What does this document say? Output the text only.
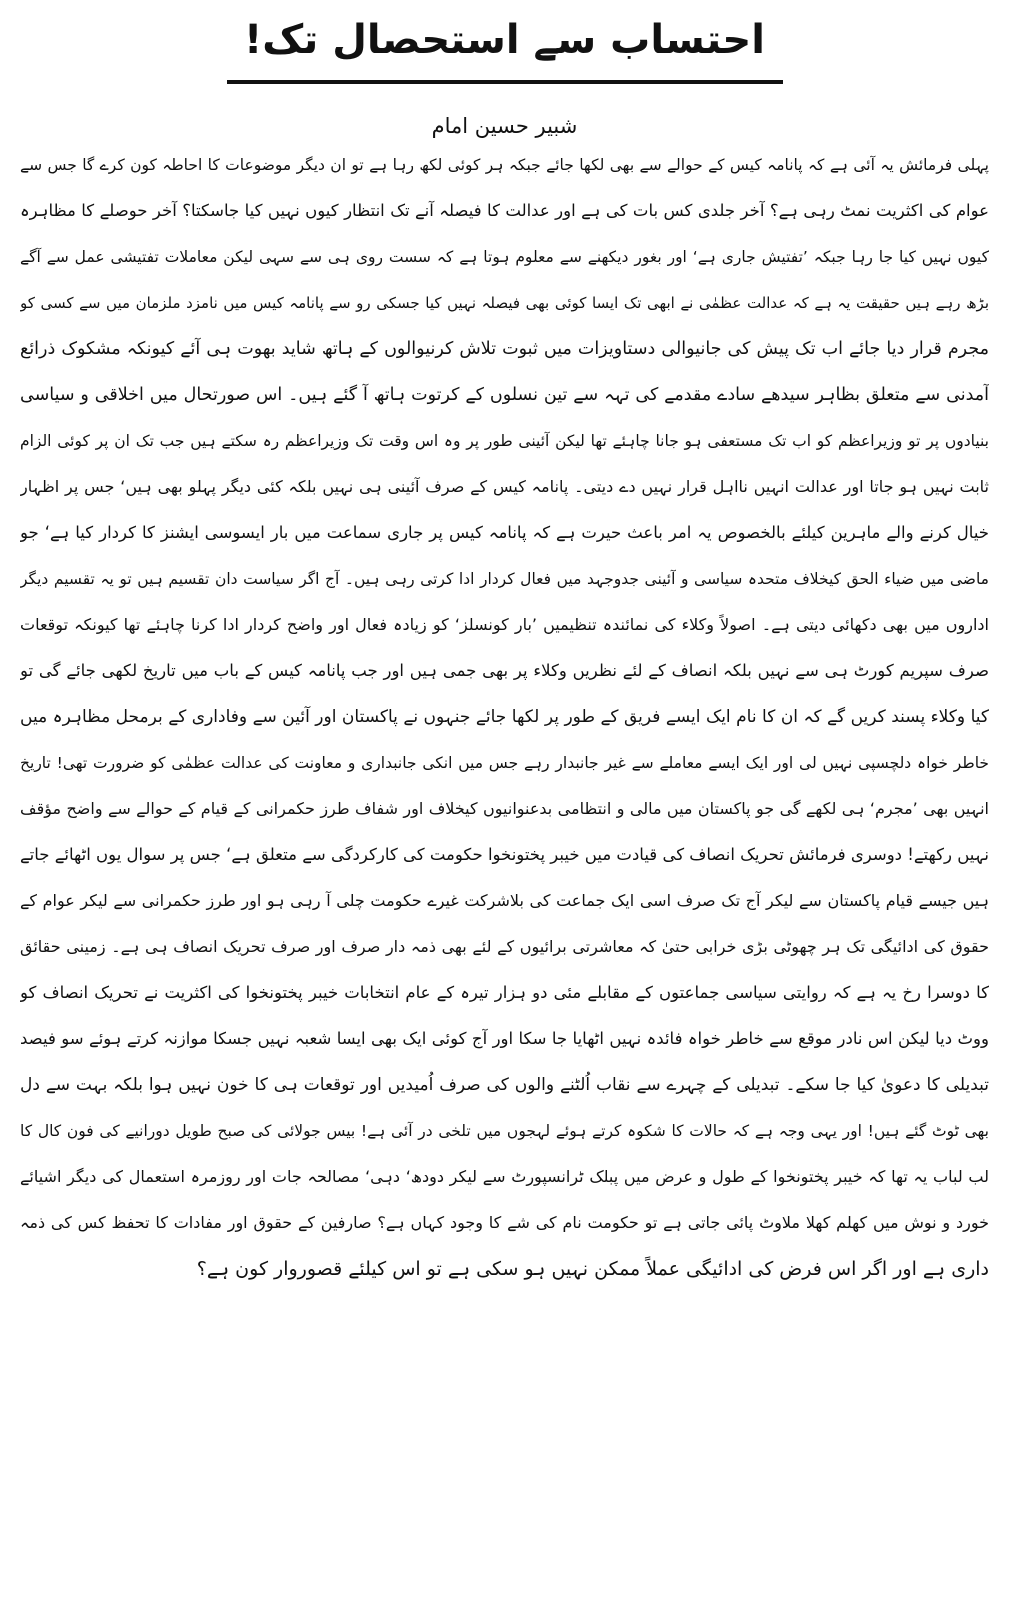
احتساب سے استحصال تک!
شبیر حسین امام
پہلی فرمائش یہ آئی ہے کہ پانامہ کیس کے حوالے سے بھی لکھا جائے جبکہ ہر کوئی لکھ رہا ہے تو ان دیگر موضوعات کا احاطہ کون کرے گا جس سے
عوام کی اکثریت نمٹ رہی ہے؟ آخر جلدی کس بات کی ہے اور عدالت کا فیصلہ آنے تک انتظار کیوں نہیں کیا جاسکتا؟ آخر حوصلے کا مظاہرہ
کیوں نہیں کیا جا رہا جبکہ ’تفتیش جاری ہے‘ اور بغور دیکھنے سے معلوم ہوتا ہے کہ سست روی ہی سے سہی لیکن معاملات تفتیشی عمل سے آگے
بڑھ رہے ہیں حقیقت یہ ہے کہ عدالت عظمٰی نے ابھی تک ایسا کوئی بھی فیصلہ نہیں کیا جسکی رو سے پانامہ کیس میں نامزد ملزمان میں سے کسی کو
مجرم قرار دیا جائے اب تک پیش کی جانیوالی دستاویزات میں ثبوت تلاش کرنیوالوں کے ہاتھ شاید بھوت ہی آئے کیونکہ مشکوک ذرائع
آمدنی سے متعلق بظاہر سیدھے سادے مقدمے کی تہہ سے تین نسلوں کے کرتوت ہاتھ آ گئے ہیں۔ اس صورتحال میں اخلاقی و سیاسی
بنیادوں پر تو وزیراعظم کو اب تک مستعفی ہو جانا چاہئے تھا لیکن آئینی طور پر وہ اس وقت تک وزیراعظم رہ سکتے ہیں جب تک ان پر کوئی الزام
ثابت نہیں ہو جاتا اور عدالت انہیں نااہل قرار نہیں دے دیتی۔ پانامہ کیس کے صرف آئینی ہی نہیں بلکہ کئی دیگر پہلو بھی ہیں‘ جس پر اظہار
خیال کرنے والے ماہرین کیلئے بالخصوص یہ امر باعث حیرت ہے کہ پانامہ کیس پر جاری سماعت میں بار ایسوسی ایشنز کا کردار کیا ہے‘ جو
ماضی میں ضیاء الحق کیخلاف متحدہ سیاسی و آئینی جدوجہد میں فعال کردار ادا کرتی رہی ہیں۔ آج اگر سیاست دان تقسیم ہیں تو یہ تقسیم دیگر
اداروں میں بھی دکھائی دیتی ہے۔ اصولاً وکلاء کی نمائندہ تنظیمیں ’بار کونسلز‘ کو زیادہ فعال اور واضح کردار ادا کرنا چاہئے تھا کیونکہ توقعات
صرف سپریم کورٹ ہی سے نہیں بلکہ انصاف کے لئے نظریں وکلاء پر بھی جمی ہیں اور جب پانامہ کیس کے باب میں تاریخ لکھی جائے گی تو
کیا وکلاء پسند کریں گے کہ ان کا نام ایک ایسے فریق کے طور پر لکھا جائے جنہوں نے پاکستان اور آئین سے وفاداری کے برمحل مظاہرہ میں
خاطر خواہ دلچسپی نہیں لی اور ایک ایسے معاملے سے غیر جانبدار رہے جس میں انکی جانبداری و معاونت کی عدالت عظمٰی کو ضرورت تھی! تاریخ
انہیں بھی ’مجرم‘ ہی لکھے گی جو پاکستان میں مالی و انتظامی بدعنوانیوں کیخلاف اور شفاف طرز حکمرانی کے قیام کے حوالے سے واضح مؤقف
نہیں رکھتے! دوسری فرمائش تحریک انصاف کی قیادت میں خیبر پختونخوا حکومت کی کارکردگی سے متعلق ہے‘ جس پر سوال یوں اٹھائے جاتے
ہیں جیسے قیام پاکستان سے لیکر آج تک صرف اسی ایک جماعت کی بلاشرکت غیرے حکومت چلی آ رہی ہو اور طرز حکمرانی سے لیکر عوام کے
حقوق کی ادائیگی تک ہر چھوٹی بڑی خرابی حتیٰ کہ معاشرتی برائیوں کے لئے بھی ذمہ دار صرف اور صرف تحریک انصاف ہی ہے۔ زمینی حقائق
کا دوسرا رخ یہ ہے کہ روایتی سیاسی جماعتوں کے مقابلے مئی دو ہزار تیرہ کے عام انتخابات خیبر پختونخوا کی اکثریت نے تحریک انصاف کو
ووٹ دیا لیکن اس نادر موقع سے خاطر خواہ فائدہ نہیں اٹھایا جا سکا اور آج کوئی ایک بھی ایسا شعبہ نہیں جسکا موازنہ کرتے ہوئے سو فیصد
تبدیلی کا دعویٰ کیا جا سکے۔ تبدیلی کے چہرے سے نقاب اُلٹنے والوں کی صرف اُمیدیں اور توقعات ہی کا خون نہیں ہوا بلکہ بہت سے دل
بھی ٹوٹ گئے ہیں! اور یہی وجہ ہے کہ حالات کا شکوہ کرتے ہوئے لہجوں میں تلخی در آئی ہے! بیس جولائی کی صبح طویل دورانیے کی فون کال کا
لب لباب یہ تھا کہ خیبر پختونخوا کے طول و عرض میں پبلک ٹرانسپورٹ سے لیکر دودھ‘ دہی‘ مصالحہ جات اور روزمرہ استعمال کی دیگر اشیائے
خورد و نوش میں کھلم کھلا ملاوٹ پائی جاتی ہے تو حکومت نام کی شے کا وجود کہاں ہے؟ صارفین کے حقوق اور مفادات کا تحفظ کس کی ذمہ
داری ہے اور اگر اس فرض کی ادائیگی عملاً ممکن نہیں ہو سکی ہے تو اس کیلئے قصوروار کون ہے؟
